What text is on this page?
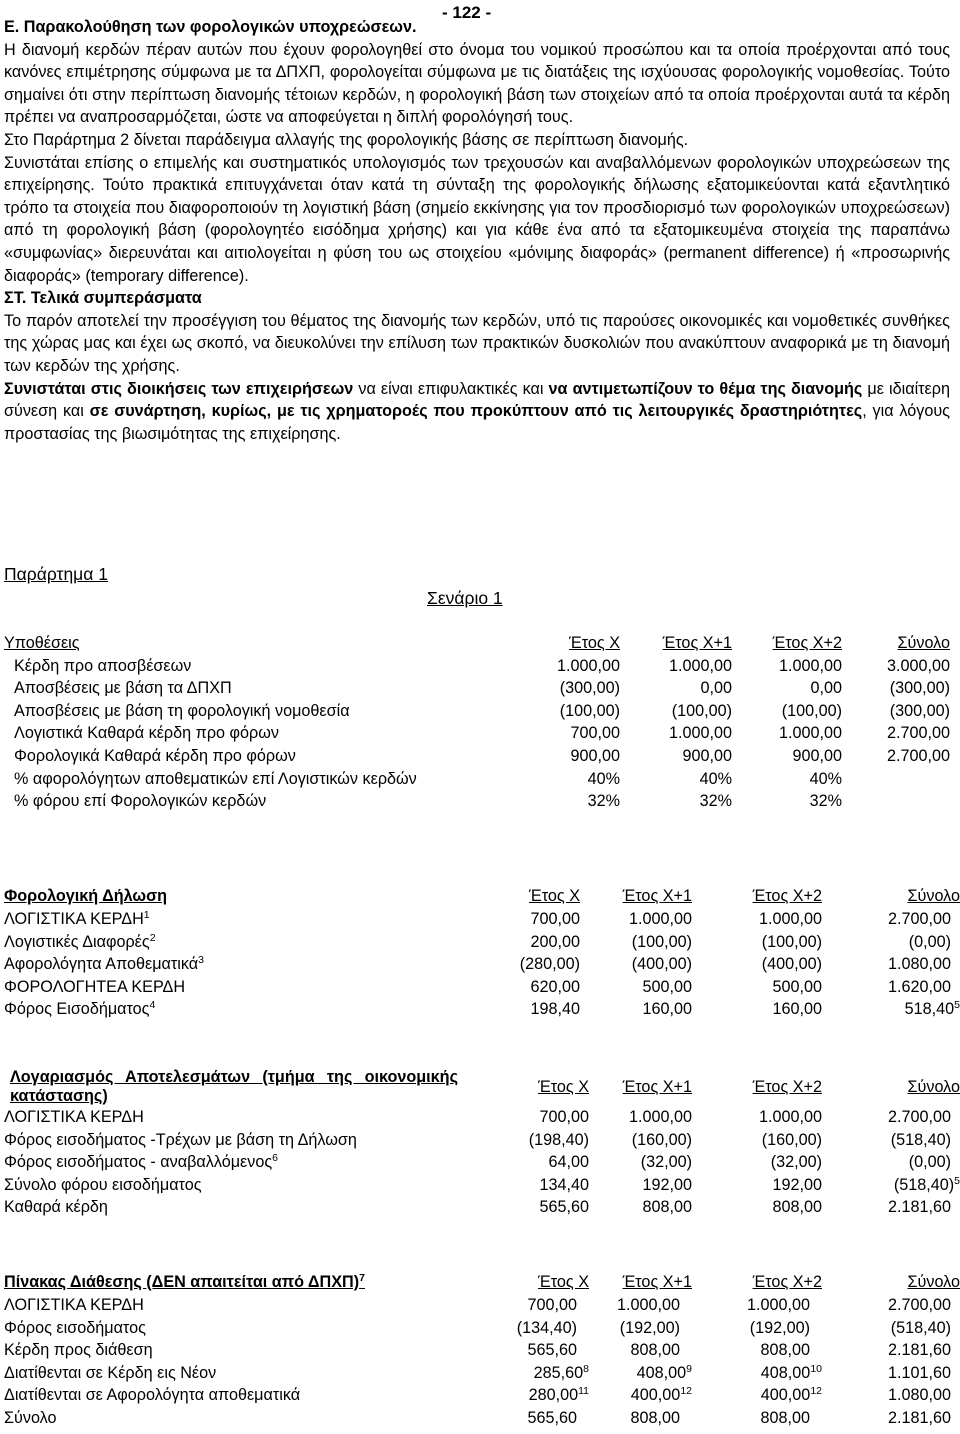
- 122 -

Ε. Παρακολούθηση των φορολογικών υποχρεώσεων.

Η διανομή κερδών πέραν αυτών που έχουν φορολογηθεί στο όνομα του νομικού προσώπου και τα οποία προέρχονται από τους κανόνες επιμέτρησης σύμφωνα με τα ΔΠΧΠ, φορολογείται σύμφωνα με τις διατάξεις της ισχύουσας φορολογικής νομοθεσίας. Τούτο σημαίνει ότι στην περίπτωση διανομής τέτοιων κερδών, η φορολογική βάση των στοιχείων από τα οποία προέρχονται αυτά τα κέρδη πρέπει να αναπροσαρμόζεται, ώστε να αποφεύγεται η διπλή φορολόγησή τους.

Στο Παράρτημα 2 δίνεται παράδειγμα αλλαγής της φορολογικής βάσης σε περίπτωση διανομής.

Συνιστάται επίσης ο επιμελής και συστηματικός υπολογισμός των τρεχουσών και αναβαλλόμενων φορολογικών υποχρεώσεων της επιχείρησης. Τούτο πρακτικά επιτυγχάνεται όταν κατά τη σύνταξη της φορολογικής δήλωσης εξατομικεύονται κατά εξαντλητικό τρόπο τα στοιχεία που διαφοροποιούν τη λογιστική βάση (σημείο εκκίνησης για τον προσδιορισμό των φορολογικών υποχρεώσεων) από τη φορολογική βάση (φορολογητέο εισόδημα χρήσης) και για κάθε ένα από τα εξατομικευμένα στοιχεία της παραπάνω «συμφωνίας» διερευνάται και αιτιολογείται η φύση του ως στοιχείου «μόνιμης διαφοράς» (permanent difference) ή «προσωρινής διαφοράς» (temporary difference).

ΣΤ. Τελικά συμπεράσματα

Το παρόν αποτελεί την προσέγγιση του θέματος της διανομής των κερδών, υπό τις παρούσες οικονομικές και νομοθετικές συνθήκες της χώρας μας και έχει ως σκοπό, να διευκολύνει την επίλυση των πρακτικών δυσκολιών που ανακύπτουν αναφορικά με τη διανομή των κερδών της χρήσης.

Συνιστάται στις διοικήσεις των επιχειρήσεων να είναι επιφυλακτικές και να αντιμετωπίζουν το θέμα της διανομής με ιδιαίτερη σύνεση και σε συνάρτηση, κυρίως, με τις χρηματοροές που προκύπτουν από τις λειτουργικές δραστηριότητες, για λόγους προστασίας της βιωσιμότητας της επιχείρησης.

Παράρτημα 1
Σενάριο 1
Υποθέσεις	Έτος Χ	Έτος Χ+1	Έτος Χ+2	Σύνολο
Κέρδη προ αποσβέσεων	1.000,00	1.000,00	1.000,00	3.000,00
Αποσβέσεις με βάση τα ΔΠΧΠ	(300,00)	0,00	0,00	(300,00)
Αποσβέσεις με βάση τη φορολογική νομοθεσία	(100,00)	(100,00)	(100,00)	(300,00)
Λογιστικά Καθαρά κέρδη προ φόρων	700,00	1.000,00	1.000,00	2.700,00
Φορολογικά Καθαρά κέρδη προ φόρων	900,00	900,00	900,00	2.700,00
% αφορολόγητων αποθεματικών επί Λογιστικών κερδών	40%	40%	40%	
% φόρου επί Φορολογικών κερδών	32%	32%	32%	
Φορολογική Δήλωση	Έτος Χ	Έτος Χ+1	Έτος Χ+2	Σύνολο
ΛΟΓΙΣΤΙΚΑ ΚΕΡΔΗ$^1$	700,00	1.000,00	1.000,00	2.700,00
Λογιστικές Διαφορές$^2$	200,00	(100,00)	(100,00)	(0,00)
Αφορολόγητα Αποθεματικά$^3$	(280,00)	(400,00)	(400,00)	1.080,00
ΦΟΡΟΛΟΓΗΤΕΑ ΚΕΡΔΗ	620,00	500,00	500,00	1.620,00
Φόρος Εισοδήματος$^4$	198,40	160,00	160,00	518,40$^5$
Λογαριασμός Αποτελεσμάτων (τμήμα της οικονομικής κατάστασης)	Έτος Χ	Έτος Χ+1	Έτος Χ+2	Σύνολο
ΛΟΓΙΣΤΙΚΑ ΚΕΡΔΗ	700,00	1.000,00	1.000,00	2.700,00
Φόρος εισοδήματος -Τρέχων με βάση τη Δήλωση	(198,40)	(160,00)	(160,00)	(518,40)
Φόρος εισοδήματος - αναβαλλόμενος$^6$	64,00	(32,00)	(32,00)	(0,00)
Σύνολο φόρου εισοδήματος	134,40	192,00	192,00	$(518,40)^5$
Καθαρά κέρδη	565,60	808,00	808,00	2.181,60
Πίνακας Διάθεσης (ΔΕΝ απαιτείται από ΔΠΧΠ)$^7$	Έτος Χ	Έτος Χ+1	Έτος Χ+2	Σύνολο
ΛΟΓΙΣΤΙΚΑ ΚΕΡΔΗ	700,00	1.000,00	1.000,00	2.700,00
Φόρος εισοδήματος	(134,40)	(192,00)	(192,00)	(518,40)
Κέρδη προς διάθεση	565,60	808,00	808,00	2.181,60
Διατίθενται σε Κέρδη εις Νέον	285,60$^8$	408,00$^9$	408,00$^{10}$	1.101,60
Διατίθενται σε Αφορολόγητα αποθεματικά	280,00$^{11}$	400,00$^{12}$	400,00$^{12}$	1.080,00
Σύνολο	565,60	808,00	808,00	2.181,60
